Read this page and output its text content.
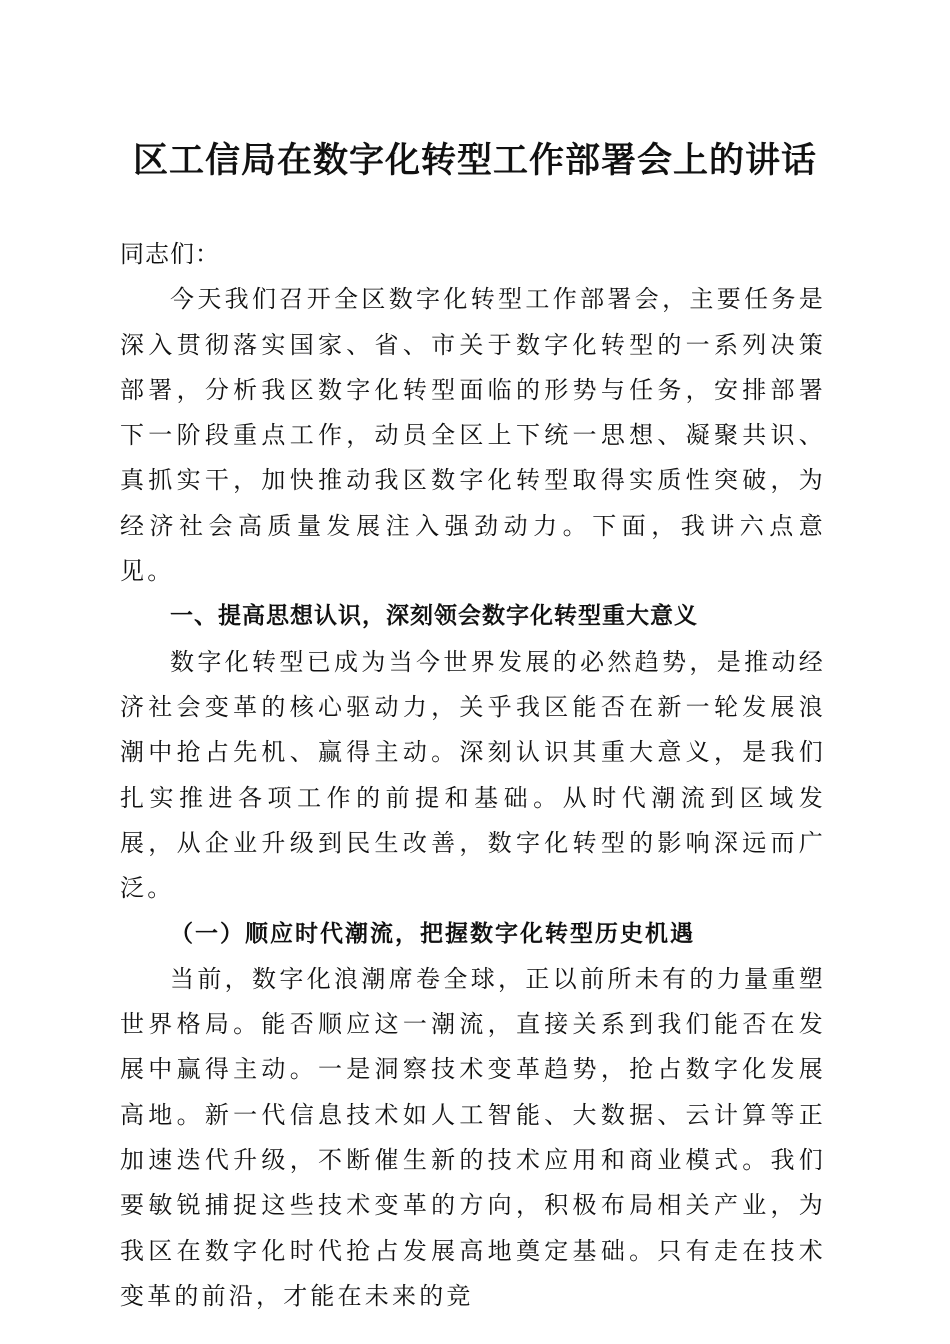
区工信局在数字化转型工作部署会上的讲话

同志们：

今天我们召开全区数字化转型工作部署会，主要任务是深入贯彻落实国家、省、市关于数字化转型的一系列决策部署，分析我区数字化转型面临的形势与任务，安排部署下一阶段重点工作，动员全区上下统一思想、凝聚共识、真抓实干，加快推动我区数字化转型取得实质性突破，为经济社会高质量发展注入强劲动力。下面，我讲六点意见。

一、提高思想认识，深刻领会数字化转型重大意义

数字化转型已成为当今世界发展的必然趋势，是推动经济社会变革的核心驱动力，关乎我区能否在新一轮发展浪潮中抢占先机、赢得主动。深刻认识其重大意义，是我们扎实推进各项工作的前提和基础。从时代潮流到区域发展，从企业升级到民生改善，数字化转型的影响深远而广泛。

（一）顺应时代潮流，把握数字化转型历史机遇

当前，数字化浪潮席卷全球，正以前所未有的力量重塑世界格局。能否顺应这一潮流，直接关系到我们能否在发展中赢得主动。一是洞察技术变革趋势，抢占数字化发展高地。新一代信息技术如人工智能、大数据、云计算等正加速迭代升级，不断催生新的技术应用和商业模式。我们要敏锐捕捉这些技术变革的方向，积极布局相关产业，为我区在数字化时代抢占发展高地奠定基础。只有走在技术变革的前沿，才能在未来的竞
